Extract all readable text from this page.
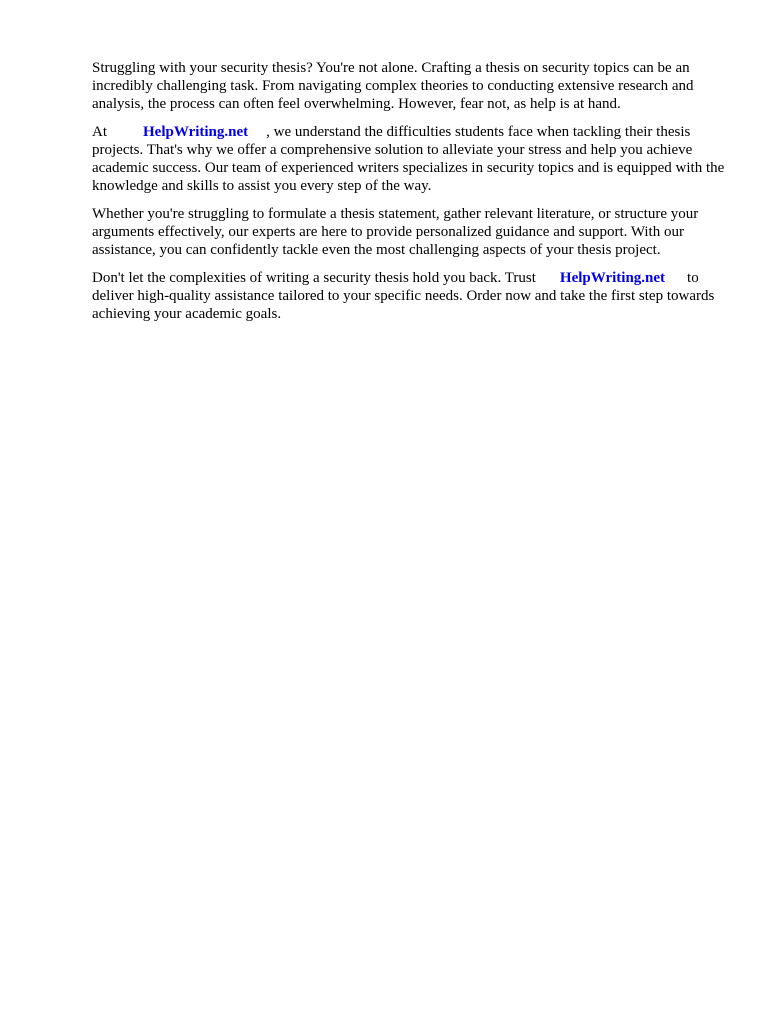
Struggling with your security thesis? You're not alone. Crafting a thesis on security topics can be an incredibly challenging task. From navigating complex theories to conducting extensive research and analysis, the process can often feel overwhelming. However, fear not, as help is at hand.

At HelpWriting.net , we understand the difficulties students face when tackling their thesis projects. That's why we offer a comprehensive solution to alleviate your stress and help you achieve academic success. Our team of experienced writers specializes in security topics and is equipped with the knowledge and skills to assist you every step of the way.

Whether you're struggling to formulate a thesis statement, gather relevant literature, or structure your arguments effectively, our experts are here to provide personalized guidance and support. With our assistance, you can confidently tackle even the most challenging aspects of your thesis project.

Don't let the complexities of writing a security thesis hold you back. Trust HelpWriting.net to deliver high-quality assistance tailored to your specific needs. Order now and take the first step towards achieving your academic goals.
